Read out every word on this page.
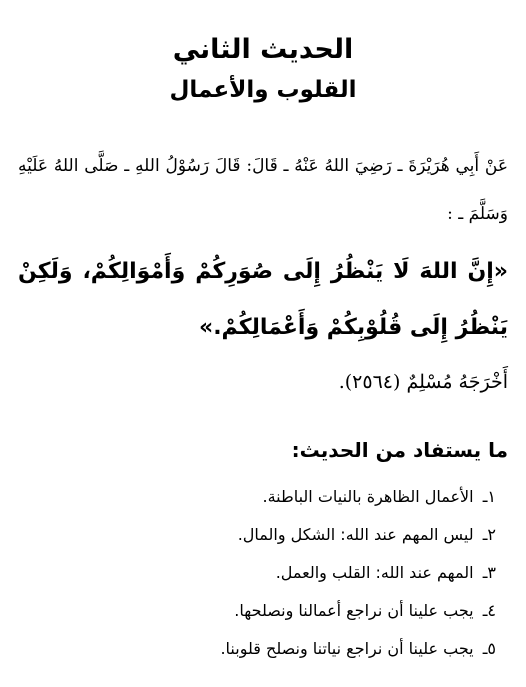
الحديث الثاني
القلوب والأعمال
عَنْ أَبِي هُرَيْرَةَ ـ رَضِيَ اللهُ عَنْهُ ـ قَالَ: قَالَ رَسُوْلُ اللهِ ـ صَلَّى اللهُ عَلَيْهِ وَسَلَّمَ ـ :
«إِنَّ اللهَ لَا يَنْظُرُ إِلَى صُوَرِكُمْ وَأَمْوَالِكُمْ، وَلَكِنْ يَنْظُرُ إِلَى قُلُوْبِكُمْ وَأَعْمَالِكُمْ.»
أَخْرَجَهُ مُسْلِمٌ (٢٥٦٤).
ما يستفاد من الحديث:
١ـ الأعمال الظاهرة بالنيات الباطنة.
٢ـ ليس المهم عند الله: الشكل والمال.
٣ـ المهم عند الله: القلب والعمل.
٤ـ يجب علينا أن نراجع أعمالنا ونصلحها.
٥ـ يجب علينا أن نراجع نياتنا ونصلح قلوبنا.
